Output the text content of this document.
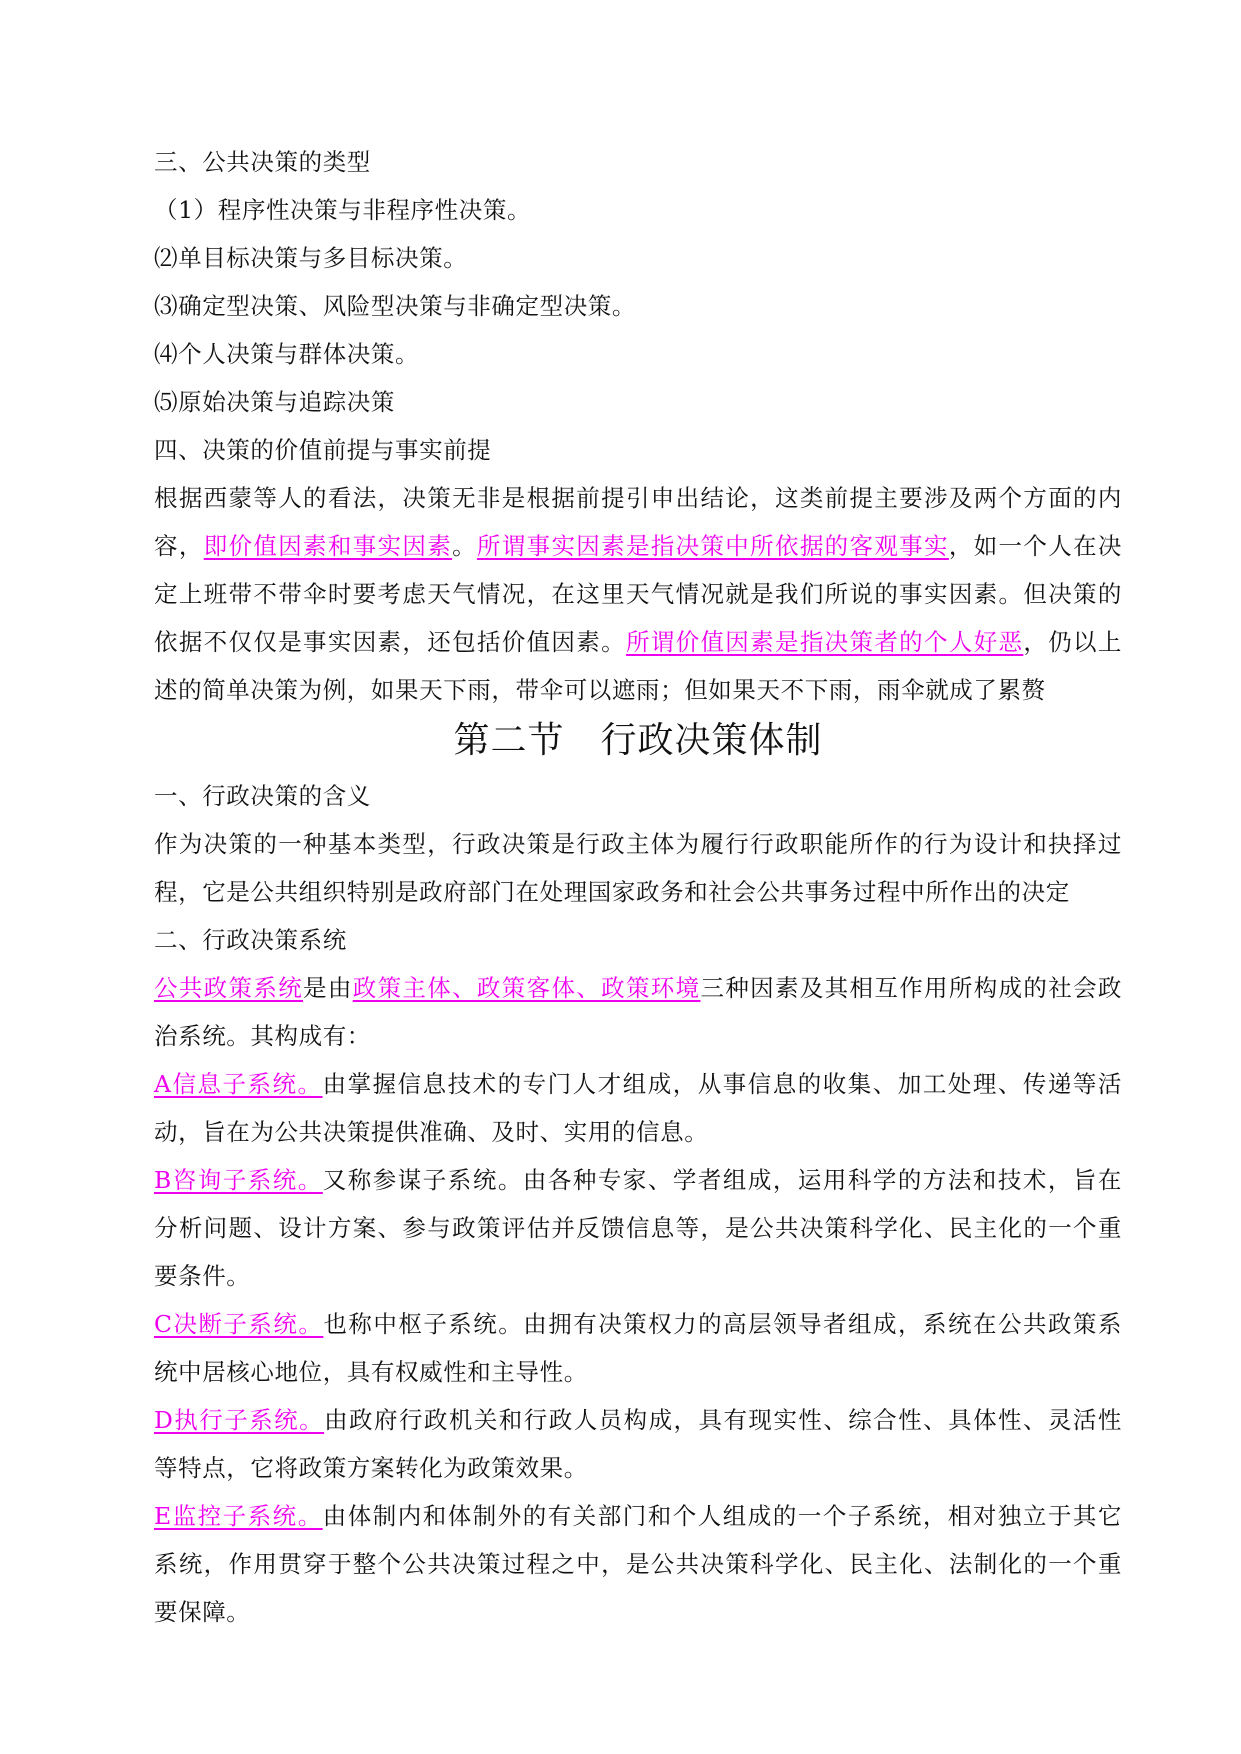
三、公共决策的类型
（1）程序性决策与非程序性决策。
⑵单目标决策与多目标决策。
⑶确定型决策、风险型决策与非确定型决策。
⑷个人决策与群体决策。
⑸原始决策与追踪决策
四、决策的价值前提与事实前提
根据西蒙等人的看法，决策无非是根据前提引申出结论，这类前提主要涉及两个方面的内
容，即价值因素和事实因素。所谓事实因素是指决策中所依据的客观事实，如一个人在决
定上班带不带伞时要考虑天气情况，在这里天气情况就是我们所说的事实因素。但决策的
依据不仅仅是事实因素，还包括价值因素。所谓价值因素是指决策者的个人好恶，仍以上
述的简单决策为例，如果天下雨，带伞可以遮雨；但如果天不下雨，雨伞就成了累赘
第二节 行政决策体制
一、行政决策的含义
作为决策的一种基本类型，行政决策是行政主体为履行行政职能所作的行为设计和抉择过
程，它是公共组织特别是政府部门在处理国家政务和社会公共事务过程中所作出的决定
二、行政决策系统
公共政策系统是由政策主体、政策客体、政策环境三种因素及其相互作用所构成的社会政
治系统。其构成有：
A信息子系统。由掌握信息技术的专门人才组成，从事信息的收集、加工处理、传递等活
动，旨在为公共决策提供准确、及时、实用的信息。
B咨询子系统。又称参谋子系统。由各种专家、学者组成，运用科学的方法和技术，旨在
分析问题、设计方案、参与政策评估并反馈信息等，是公共决策科学化、民主化的一个重
要条件。
C决断子系统。也称中枢子系统。由拥有决策权力的高层领导者组成，系统在公共政策系
统中居核心地位，具有权威性和主导性。
D执行子系统。由政府行政机关和行政人员构成，具有现实性、综合性、具体性、灵活性
等特点，它将政策方案转化为政策效果。
E监控子系统。由体制内和体制外的有关部门和个人组成的一个子系统，相对独立于其它
系统，作用贯穿于整个公共决策过程之中，是公共决策科学化、民主化、法制化的一个重
要保障。
